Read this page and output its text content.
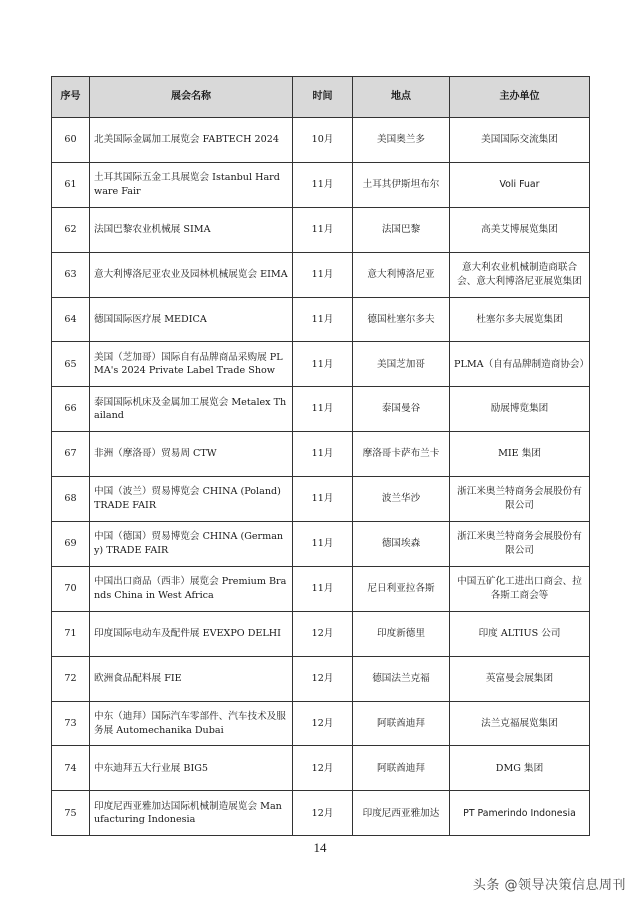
序号	展会名称	时间	地点	主办单位
60	北美国际金属加工展览会 FABTECH 2024	10月	美国奥兰多	美国国际交流集团
61	土耳其国际五金工具展览会 Istanbul Hardware Fair	11月	土耳其伊斯坦布尔	Voli Fuar
62	法国巴黎农业机械展 SIMA	11月	法国巴黎	高美艾博展览集团
63	意大利博洛尼亚农业及园林机械展览会 EIMA	11月	意大利博洛尼亚	意大利农业机械制造商联合会、意大利博洛尼亚展览集团
64	德国国际医疗展 MEDICA	11月	德国杜塞尔多夫	杜塞尔多夫展览集团
65	美国（芝加哥）国际自有品牌商品采购展 PLMA's 2024 Private Label Trade Show	11月	美国芝加哥	PLMA（自有品牌制造商协会）
66	泰国国际机床及金属加工展览会 Metalex Thailand	11月	泰国曼谷	励展博览集团
67	非洲（摩洛哥）贸易周 CTW	11月	摩洛哥卡萨布兰卡	MIE 集团
68	中国（波兰）贸易博览会 CHINA (Poland) TRADE FAIR	11月	波兰华沙	浙江米奥兰特商务会展股份有限公司
69	中国（德国）贸易博览会 CHINA (Germany) TRADE FAIR	11月	德国埃森	浙江米奥兰特商务会展股份有限公司
70	中国出口商品（西非）展览会 Premium Brands China in West Africa	11月	尼日利亚拉各斯	中国五矿化工进出口商会、拉各斯工商会等
71	印度国际电动车及配件展 EVEXPO DELHI	12月	印度新德里	印度 ALTIUS 公司
72	欧洲食品配料展 FIE	12月	德国法兰克福	英富曼会展集团
73	中东（迪拜）国际汽车零部件、汽车技术及服务展 Automechanika Dubai	12月	阿联酋迪拜	法兰克福展览集团
74	中东迪拜五大行业展 BIG5	12月	阿联酋迪拜	DMG 集团
75	印度尼西亚雅加达国际机械制造展览会 Manufacturing Indonesia	12月	印度尼西亚雅加达	PT Pamerindo Indonesia
14
头条 @领导决策信息周刊
